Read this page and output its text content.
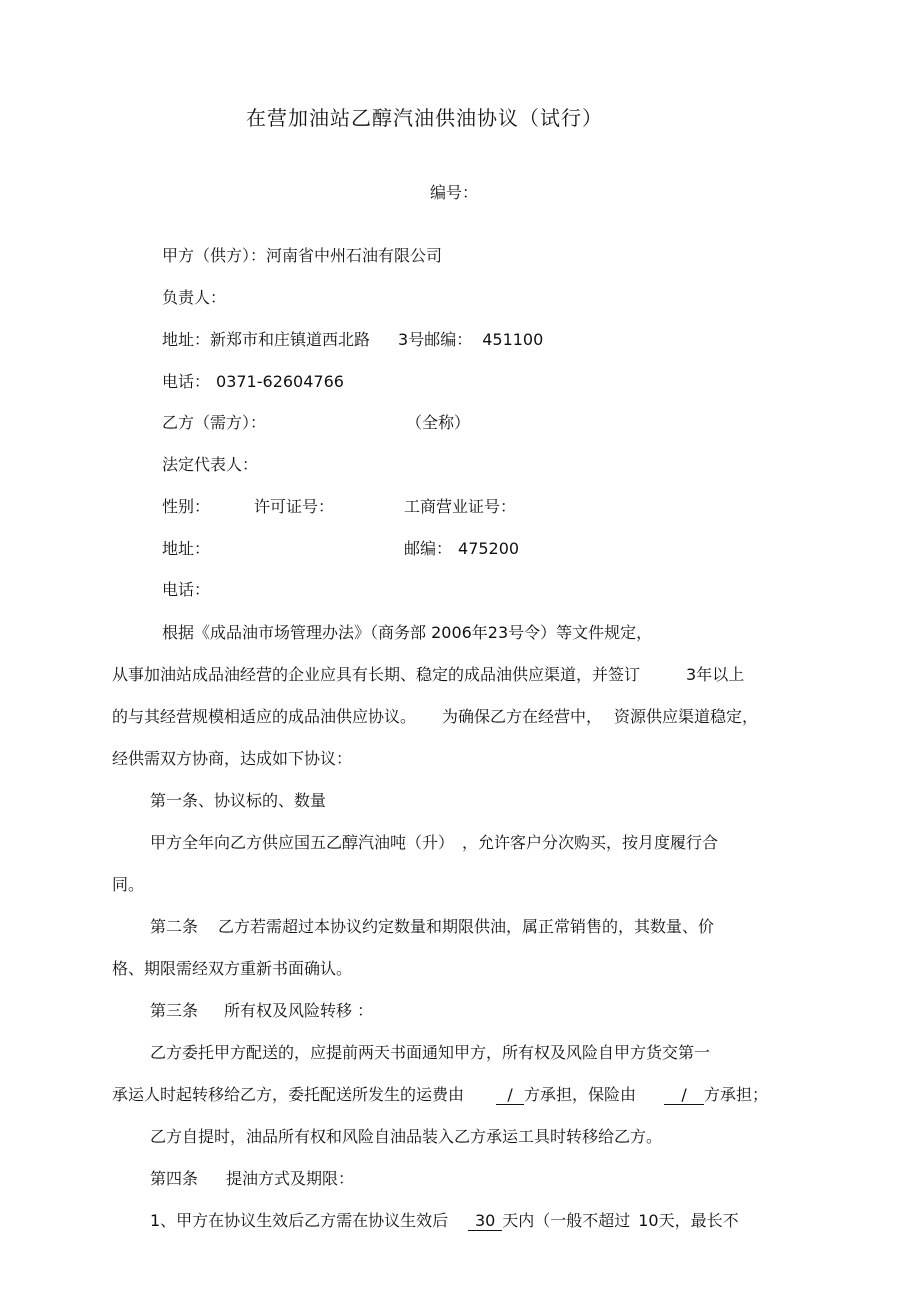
在营加油站乙醇汽油供油协议（试行）
编号：
甲方（供方）：河南省中州石油有限公司
负责人：
地址：新郑市和庄镇道西北路 3号邮编： 451100
电话： 0371-62604766
乙方（需方）：	（全称）
法定代表人：
性别：	许可证号：	工商营业证号：
地址：	邮编： 475200
电话：
根据《成品油市场管理办法》（商务部 2006年23号令）等文件规定，
从事加油站成品油经营的企业应具有长期、稳定的成品油供应渠道，并签订	3年以上
的与其经营规模相适应的成品油供应协议。 为确保乙方在经营中， 资源供应渠道稳定，
经供需双方协商，达成如下协议：
第一条、协议标的、数量
甲方全年向乙方供应国五乙醇汽油吨（升） ，允许客户分次购买，按月度履行合
同。
第二条 乙方若需超过本协议约定数量和期限供油，属正常销售的，其数量、价
格、期限需经双方重新书面确认。
第三条 所有权及风险转移 ：
乙方委托甲方配送的，应提前两天书面通知甲方，所有权及风险自甲方货交第一
承运人时起转移给乙方，委托配送所发生的运费由	/ 方承担，保险由	/ 方承担；
乙方自提时，油品所有权和风险自油品装入乙方承运工具时转移给乙方。
第四条 提油方式及期限：
1、甲方在协议生效后乙方需在协议生效后 30 天内（一般不超过 10天，最长不
